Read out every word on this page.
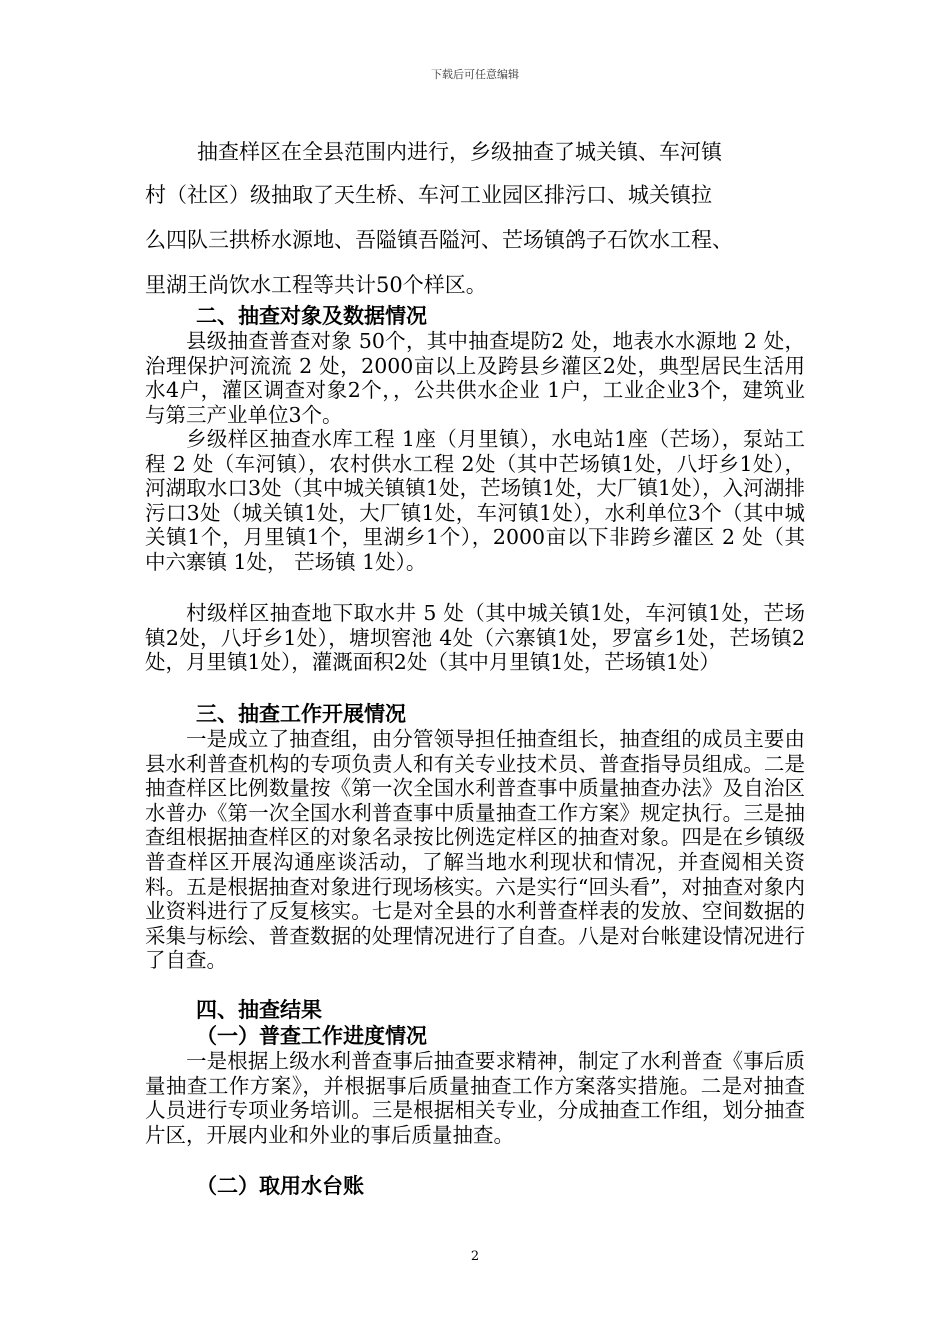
下载后可任意编辑
抽查样区在全县范围内进行，乡级抽查了城关镇、车河镇
村（社区）级抽取了天生桥、车河工业园区排污口、城关镇拉
么四队三拱桥水源地、吾隘镇吾隘河、芒场镇鸽子石饮水工程、
里湖王尚饮水工程等共计50个样区。
二、抽查对象及数据情况

县级抽查普查对象 50个，其中抽查堤防2 处，地表水水源地 2 处，治理保护河流流 2 处，2000亩以上及跨县乡灌区2处，典型居民生活用水4户，灌区调查对象2个，，公共供水企业 1户，工业企业3个，建筑业与第三产业单位3个。

乡级样区抽查水库工程 1座（月里镇），水电站1座（芒场），泵站工程 2 处（车河镇），农村供水工程 2处（其中芒场镇1处，八圩乡1处），河湖取水口3处（其中城关镇镇1处，芒场镇1处，大厂镇1处），入河湖排污口3处（城关镇1处，大厂镇1处，车河镇1处），水利单位3个（其中城关镇1个，月里镇1个，里湖乡1个），2000亩以下非跨乡灌区 2 处（其中六寨镇 1处， 芒场镇 1处）。

村级样区抽查地下取水井 5 处（其中城关镇1处，车河镇1处，芒场镇2处，八圩乡1处），塘坝窖池 4处（六寨镇1处，罗富乡1处，芒场镇2处，月里镇1处），灌溉面积2处（其中月里镇1处，芒场镇1处）

三、抽查工作开展情况

一是成立了抽查组，由分管领导担任抽查组长，抽查组的成员主要由县水利普查机构的专项负责人和有关专业技术员、普查指导员组成。二是抽查样区比例数量按《第一次全国水利普查事中质量抽查办法》及自治区水普办《第一次全国水利普查事中质量抽查工作方案》规定执行。三是抽查组根据抽查样区的对象名录按比例选定样区的抽查对象。四是在乡镇级普查样区开展沟通座谈活动，了解当地水利现状和情况，并查阅相关资料。五是根据抽查对象进行现场核实。六是实行“回头看”，对抽查对象内业资料进行了反复核实。七是对全县的水利普查样表的发放、空间数据的采集与标绘、普查数据的处理情况进行了自查。八是对台帐建设情况进行了自查。

四、抽查结果
（一）普查工作进度情况

一是根据上级水利普查事后抽查要求精神，制定了水利普查《事后质量抽查工作方案》，并根据事后质量抽查工作方案落实措施。二是对抽查人员进行专项业务培训。三是根据相关专业，分成抽查工作组，划分抽查片区，开展内业和外业的事后质量抽查。

（二）取用水台账
2
